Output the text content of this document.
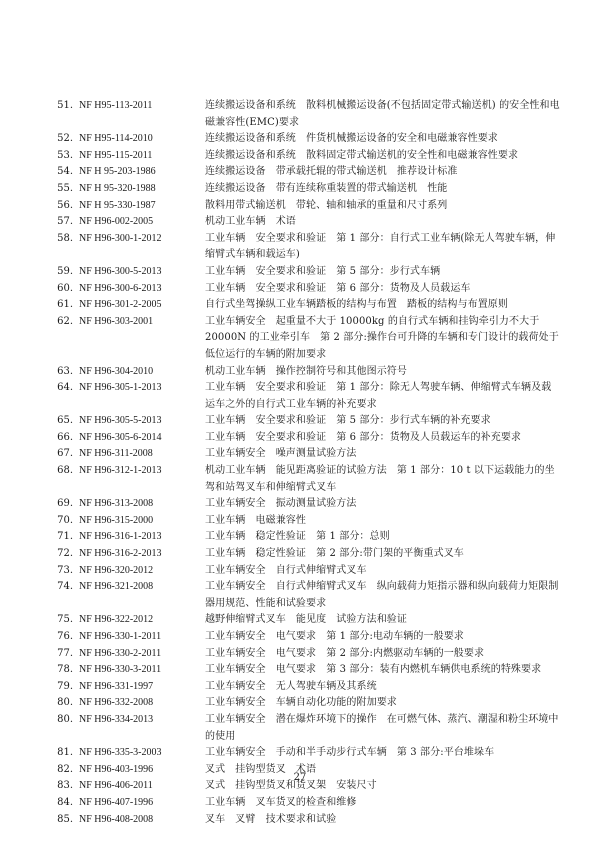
51. NF H95-113-2011	连续搬运设备和系统　散料机械搬运设备(不包括固定带式输送机) 的安全性和电磁兼容性(EMC)要求
52. NF H95-114-2010	连续搬运设备和系统　件货机械搬运设备的安全和电磁兼容性要求
53. NF H95-115-2011	连续搬运设备和系统　散料固定带式输送机的安全性和电磁兼容性要求
54. NF H 95-203-1986	连续搬运设备　带承载托辊的带式输送机　推荐设计标准
55. NF H 95-320-1988	连续搬运设备　带有连续称重装置的带式输送机　性能
56. NF H 95-330-1987	散料用带式输送机　带轮、轴和轴承的重量和尺寸系列
57. NF H96-002-2005	机动工业车辆　术语
58. NF H96-300-1-2012	工业车辆　安全要求和验证　第 1 部分：自行式工业车辆(除无人驾驶车辆，伸缩臂式车辆和载运车)
59. NF H96-300-5-2013	工业车辆　安全要求和验证　第 5 部分：步行式车辆
60. NF H96-300-6-2013	工业车辆　安全要求和验证　第 6 部分：货物及人员载运车
61. NF H96-301-2-2005	自行式坐驾操纵工业车辆踏板的结构与布置　踏板的结构与布置原则
62. NF H96-303-2001	工业车辆安全　起重量不大于 10000kg 的自行式车辆和挂钩牵引力不大于 20000N 的工业牵引车　第 2 部分:操作台可升降的车辆和专门设计的载荷处于低位运行的车辆的附加要求
63. NF H96-304-2010	机动工业车辆　操作控制符号和其他图示符号
64. NF H96-305-1-2013	工业车辆　安全要求和验证　第 1 部分：除无人驾驶车辆、伸缩臂式车辆及载运车之外的自行式工业车辆的补充要求
65. NF H96-305-5-2013	工业车辆　安全要求和验证　第 5 部分：步行式车辆的补充要求
66. NF H96-305-6-2014	工业车辆　安全要求和验证　第 6 部分：货物及人员载运车的补充要求
67. NF H96-311-2008	工业车辆安全　噪声测量试验方法
68. NF H96-312-1-2013	机动工业车辆　能见距离验证的试验方法　第 1 部分：10 t 以下运载能力的坐驾和站驾叉车和伸缩臂式叉车
69. NF H96-313-2008	工业车辆安全　振动测量试验方法
70. NF H96-315-2000	工业车辆　电磁兼容性
71. NF H96-316-1-2013	工业车辆　稳定性验证　第 1 部分：总则
72. NF H96-316-2-2013	工业车辆　稳定性验证　第 2 部分:带门架的平衡重式叉车
73. NF H96-320-2012	工业车辆安全　自行式伸缩臂式叉车
74. NF H96-321-2008	工业车辆安全　自行式伸缩臂式叉车　纵向载荷力矩指示器和纵向载荷力矩限制器用规范、性能和试验要求
75. NF H96-322-2012	越野伸缩臂式叉车　能见度　试验方法和验证
76. NF H96-330-1-2011	工业车辆安全　电气要求　第 1 部分:电动车辆的一般要求
77. NF H96-330-2-2011	工业车辆安全　电气要求　第 2 部分:内燃驱动车辆的一般要求
78. NF H96-330-3-2011	工业车辆安全　电气要求　第 3 部分：装有内燃机车辆供电系统的特殊要求
79. NF H96-331-1997	工业车辆安全　无人驾驶车辆及其系统
80. NF H96-332-2008	工业车辆安全　车辆自动化功能的附加要求
80. NF H96-334-2013	工业车辆安全　潜在爆炸环境下的操作　在可燃气体、蒸汽、潮湿和粉尘环境中的使用
81. NF H96-335-3-2003	工业车辆安全　手动和半手动步行式车辆　第 3 部分:平台堆垛车
82. NF H96-403-1996	叉式　挂钩型货叉　术语
83. NF H96-406-2011	叉式　挂钩型货叉和货叉架　安装尺寸
84. NF H96-407-1996	工业车辆　叉车货叉的检查和维修
85. NF H96-408-2008	叉车　叉臂　技术要求和试验
27
